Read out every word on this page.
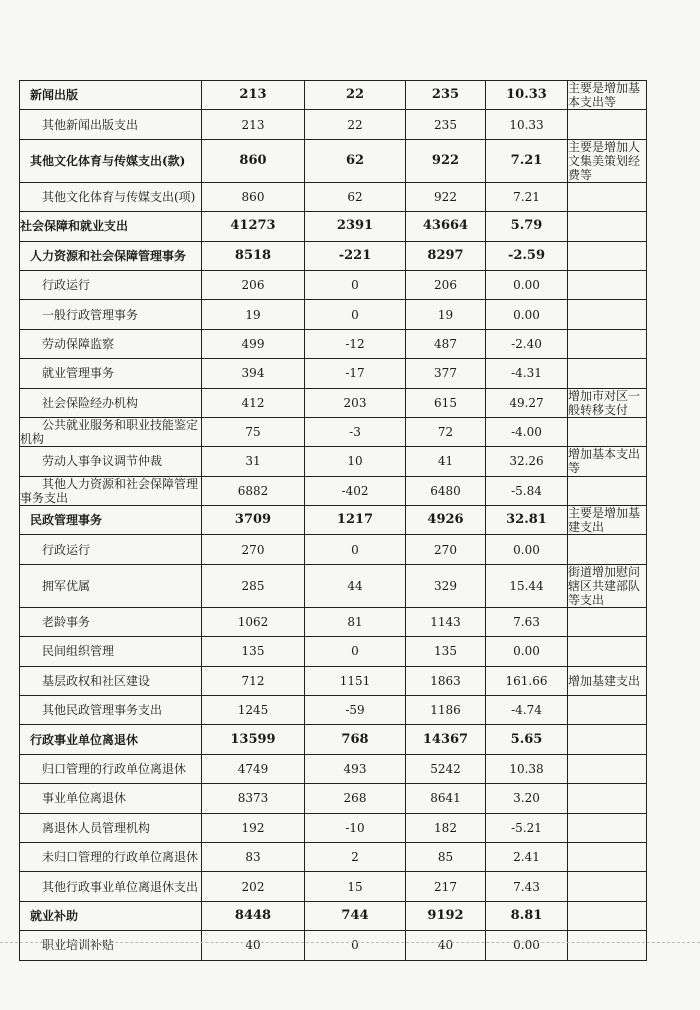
新闻出版	213	22	235	10.33	主要是增加基本支出等
其他新闻出版支出	213	22	235	10.33	
其他文化体育与传媒支出(款)	860	62	922	7.21	主要是增加人文集美策划经费等
其他文化体育与传媒支出(项)	860	62	922	7.21	
社会保障和就业支出	41273	2391	43664	5.79	
人力资源和社会保障管理事务	8518	-221	8297	-2.59	
行政运行	206	0	206	0.00	
一般行政管理事务	19	0	19	0.00	
劳动保障监察	499	-12	487	-2.40	
就业管理事务	394	-17	377	-4.31	
社会保险经办机构	412	203	615	49.27	增加市对区一般转移支付
公共就业服务和职业技能鉴定机构	75	-3	72	-4.00	
劳动人事争议调节仲裁	31	10	41	32.26	增加基本支出等
其他人力资源和社会保障管理事务支出	6882	-402	6480	-5.84	
民政管理事务	3709	1217	4926	32.81	主要是增加基建支出
行政运行	270	0	270	0.00	
拥军优属	285	44	329	15.44	街道增加慰问辖区共建部队等支出
老龄事务	1062	81	1143	7.63	
民间组织管理	135	0	135	0.00	
基层政权和社区建设	712	1151	1863	161.66	增加基建支出
其他民政管理事务支出	1245	-59	1186	-4.74	
行政事业单位离退休	13599	768	14367	5.65	
归口管理的行政单位离退休	4749	493	5242	10.38	
事业单位离退休	8373	268	8641	3.20	
离退休人员管理机构	192	-10	182	-5.21	
未归口管理的行政单位离退休	83	2	85	2.41	
其他行政事业单位离退休支出	202	15	217	7.43	
就业补助	8448	744	9192	8.81	
职业培训补贴	40	0	40	0.00	
